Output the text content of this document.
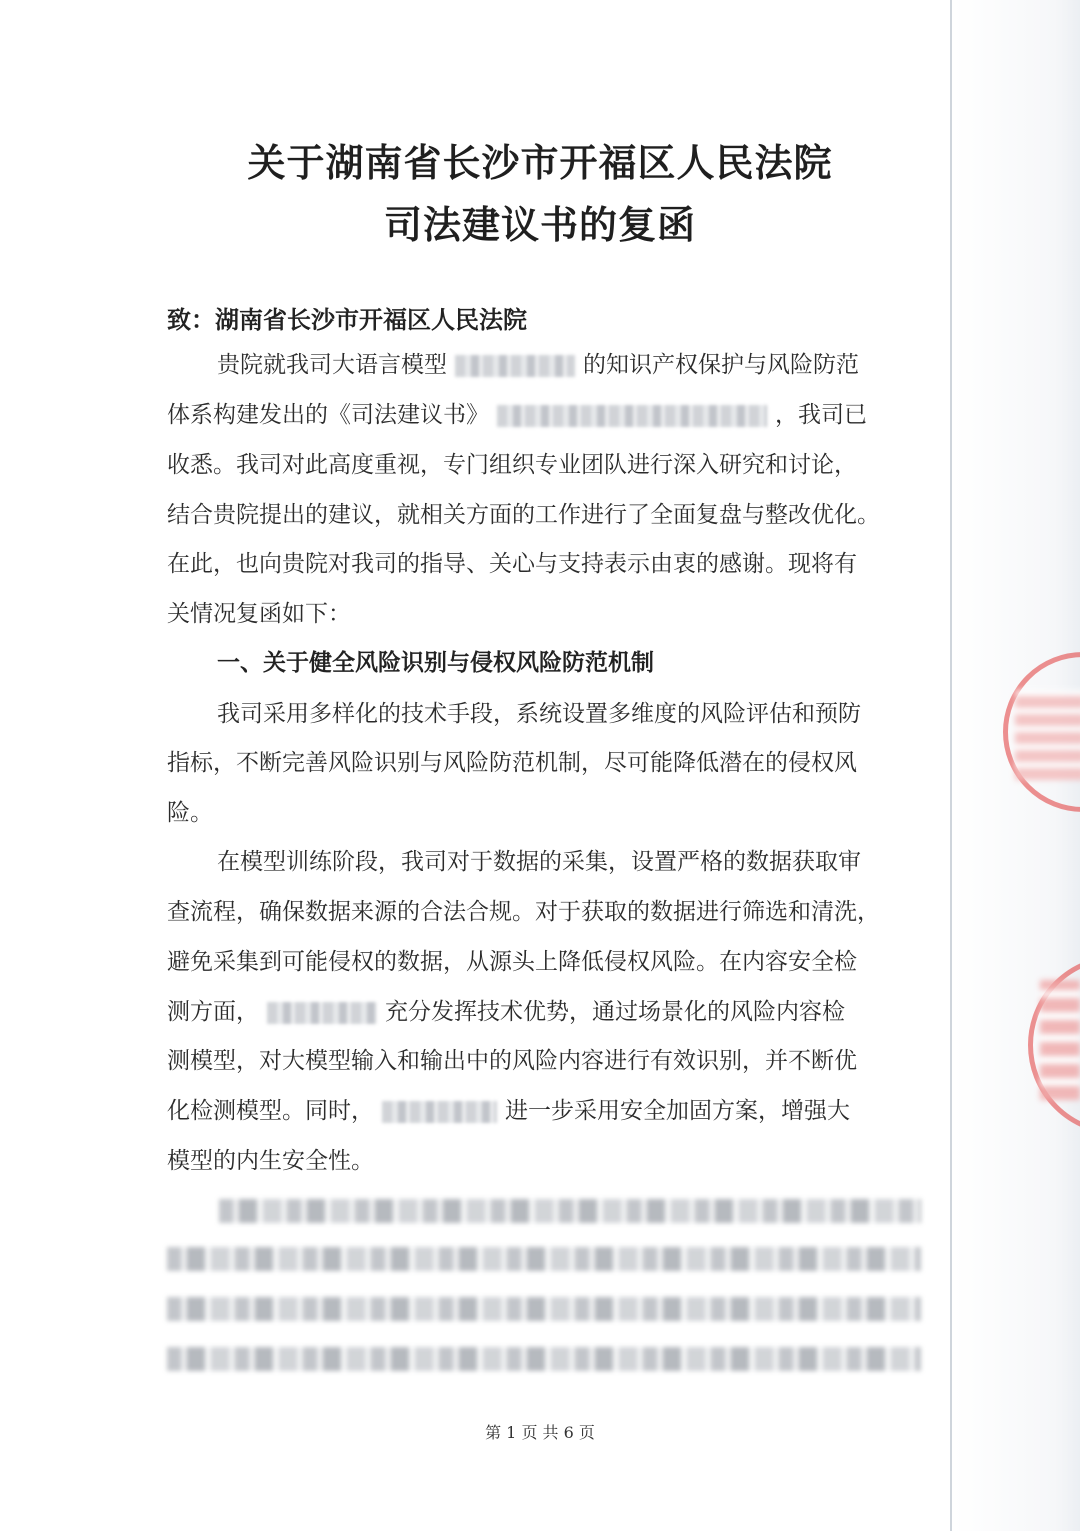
关于湖南省长沙市开福区人民法院
司法建议书的复函
致：湖南省长沙市开福区人民法院
贵院就我司大语言模型	的知识产权保护与风险防范
体系构建发出的《司法建议书》	，我司已
收悉。我司对此高度重视，专门组织专业团队进行深入研究和讨论，
结合贵院提出的建议，就相关方面的工作进行了全面复盘与整改优化。
在此，也向贵院对我司的指导、关心与支持表示由衷的感谢。现将有
关情况复函如下：
一、关于健全风险识别与侵权风险防范机制
我司采用多样化的技术手段，系统设置多维度的风险评估和预防
指标，不断完善风险识别与风险防范机制，尽可能降低潜在的侵权风
险。
在模型训练阶段，我司对于数据的采集，设置严格的数据获取审
查流程，确保数据来源的合法合规。对于获取的数据进行筛选和清洗，
避免采集到可能侵权的数据，从源头上降低侵权风险。在内容安全检
测方面，	充分发挥技术优势，通过场景化的风险内容检
测模型，对大模型输入和输出中的风险内容进行有效识别，并不断优
化检测模型。同时，	进一步采用安全加固方案，增强大
模型的内生安全性。
第 1 页 共 6 页
